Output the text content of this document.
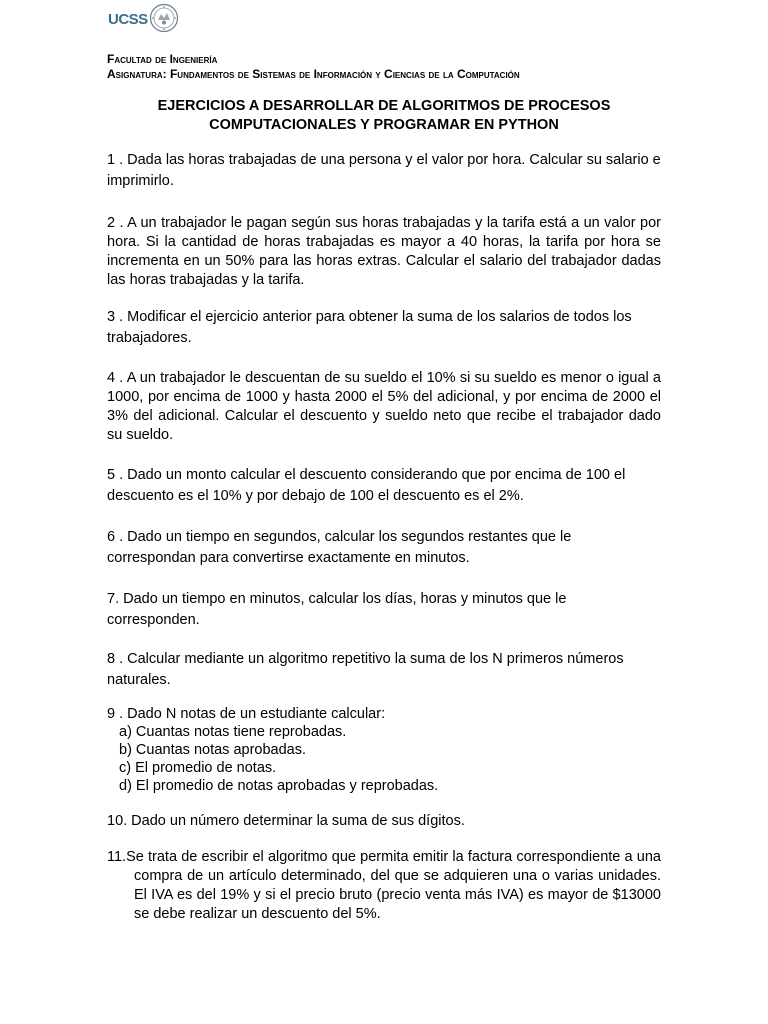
UCSS
Facultad de Ingeniería
Asignatura: Fundamentos de Sistemas de Información y Ciencias de la Computación
EJERCICIOS A DESARROLLAR DE ALGORITMOS DE PROCESOS
COMPUTACIONALES Y PROGRAMAR EN PYTHON

1 . Dada las horas trabajadas de una persona y el valor por hora. Calcular su salario e imprimirlo.

2 . A un trabajador le pagan según sus horas trabajadas y la tarifa está a un valor por hora. Si la cantidad de horas trabajadas es mayor a 40 horas, la tarifa por hora se incrementa en un 50% para las horas extras. Calcular el salario del trabajador dadas las horas trabajadas y la tarifa.

3 . Modificar el ejercicio anterior para obtener la suma de los salarios de todos los trabajadores.

4 . A un trabajador le descuentan de su sueldo el 10% si su sueldo es menor o igual a 1000, por encima de 1000 y hasta 2000 el 5% del adicional, y por encima de 2000 el 3% del adicional. Calcular el descuento y sueldo neto que recibe el trabajador dado su sueldo.

5 . Dado un monto calcular el descuento considerando que por encima de 100 el descuento es el 10% y por debajo de 100 el descuento es el 2%.

6 . Dado un tiempo en segundos, calcular los segundos restantes que le correspondan para convertirse exactamente en minutos.

7. Dado un tiempo en minutos, calcular los días, horas y minutos que le corresponden.

8 . Calcular mediante un algoritmo repetitivo la suma de los N primeros números naturales.

9 . Dado N notas de un estudiante calcular:

a) Cuantas notas tiene reprobadas.
b) Cuantas notas aprobadas.
c) El promedio de notas.
d) El promedio de notas aprobadas y reprobadas.

10. Dado un número determinar la suma de sus dígitos.

11.Se trata de escribir el algoritmo que permita emitir la factura correspondiente a una compra de un artículo determinado, del que se adquieren una o varias unidades. El IVA es del 19% y si el precio bruto (precio venta más IVA) es mayor de $13000 se debe realizar un descuento del 5%.
